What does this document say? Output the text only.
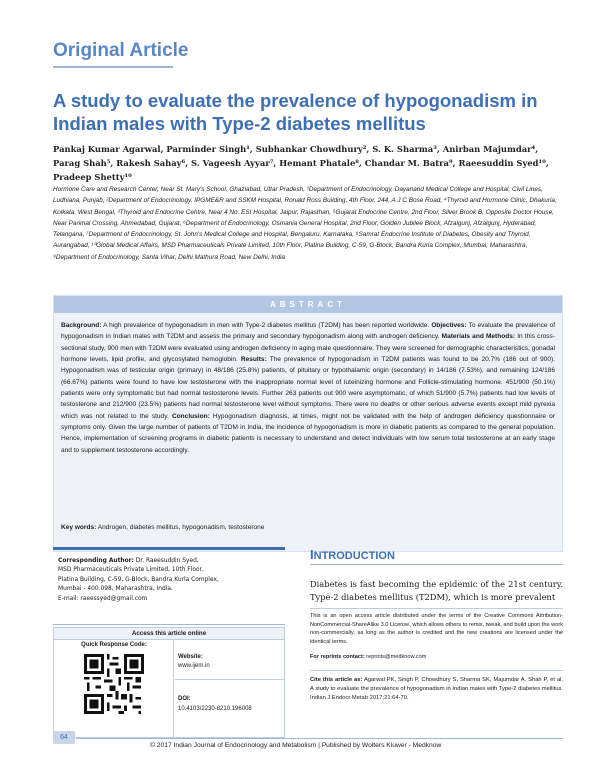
Original Article
A study to evaluate the prevalence of hypogonadism in Indian males with Type-2 diabetes mellitus
Pankaj Kumar Agarwal, Parminder Singh¹, Subhankar Chowdhury², S. K. Sharma³, Anirban Majumdar⁴, Parag Shah⁵, Rakesh Sahay⁶, S. Vageesh Ayyar⁷, Hemant Phatale⁸, Chandar M. Batra⁹, Raeesuddin Syed¹⁰, Pradeep Shetty¹⁰
Hormone Care and Research Center, Near St. Mary's School, Ghaziabad, Uttar Pradesh, ¹Department of Endocrinology, Dayanand Medical College and Hospital, Civil Lines, Ludhiana, Punjab, ²Department of Endocrinology, IPGME&R and SSKM Hospital, Ronald Ross Building, 4th Floor, 244, A J C Bose Road, ⁴Thyroid and Hormone Clinic, Dhakuria, Kolkata, West Bengal, ³Thyroid and Endocrine Centre, Near 4 No. ESI Hospital, Jaipur, Rajasthan, ⁵Gujarat Endocrine Centre, 2nd Floor, Silver Brook B, Opposite Doctor House, Near Parimal Crossing, Ahmedabad, Gujarat, ⁶Department of Endocrinology, Osmania General Hospital, 2nd Floor, Golden Jubilee Block, Afzalgunj, Afzalgunj, Hyderabad, Telangana, ⁷Department of Endocrinology, St. John's Medical College and Hospital, Bengaluru, Karnataka, ⁸Samrat Endocrine Institute of Diabetes, Obesity and Thyroid, Aurangabad, ¹⁰Global Medical Affairs, MSD Pharmaceuticals Private Limited, 10th Floor, Platina Building, C-59, G-Block, Bandra Kurla Complex, Mumbai, Maharashtra, ⁹Department of Endocrinology, Santa Vihar, Delhi Mathura Road, New Delhi, India
ABSTRACT

Background: A high prevalence of hypogonadism in men with Type-2 diabetes mellitus (T2DM) has been reported worldwide. Objectives: To evaluate the prevalence of hypogonadism in Indian males with T2DM and assess the primary and secondary hypogonadism along with androgen deficiency. Materials and Methods: In this cross-sectional study, 900 men with T2DM were evaluated using androgen deficiency in aging male questionnaire. They were screened for demographic characteristics, gonadal hormone levels, lipid profile, and glycosylated hemoglobin. Results: The prevalence of hypogonadism in T2DM patients was found to be 20.7% (186 out of 900). Hypogonadism was of testicular origin (primary) in 48/186 (25.8%) patients, of pituitary or hypothalamic origin (secondary) in 14/186 (7.53%), and remaining 124/186 (66.67%) patients were found to have low testosterone with the inappropriate normal level of luteinizing hormone and Follicle-stimulating hormone. 451/900 (50.1%) patients were only symptomatic but had normal testosterone levels. Further 263 patients out 900 were asymptomatic, of which 51/900 (5.7%) patients had low levels of testosterone and 212/900 (23.5%) patients had normal testosterone level without symptoms. There were no deaths or other serious adverse events except mild pyrexia which was not related to the study. Conclusion: Hypogonadism diagnosis, at times, might not be validated with the help of androgen deficiency questionnaire or symptoms only. Given the large number of patients of T2DM in India, the incidence of hypogonadism is more in diabetic patients as compared to the general population. Hence, implementation of screening programs in diabetic patients is necessary to understand and detect individuals with low serum total testosterone at an early stage and to supplement testosterone accordingly.

Key words: Androgen, diabetes mellitus, hypogonadism, testosterone

Corresponding Author: Dr. Raeesuddin Syed,
MSD Pharmaceuticals Private Limited, 10th Floor,
Platina Building, C-59, G-Block, Bandra Kurla Complex,
Mumbai - 400 098, Maharashtra, India.
E-mail: raeessyed@gmail.com
Access this article online
Quick Response Code:
Website:
www.ijem.in
DOI:
10.4103/2230-8210.196008
INTRODUCTION

Diabetes is fast becoming the epidemic of the 21st century. Type-2 diabetes mellitus (T2DM), which is more prevalent

This is an open access article distributed under the terms of the Creative Commons Attribution-NonCommercial-ShareAlike 3.0 License, which allows others to remix, tweak, and build upon the work non-commercially, as long as the author is credited and the new creations are licensed under the identical terms.

For reprints contact: reprints@medknow.com

Cite this article as: Agarwal PK, Singh P, Chowdhury S, Sharma SK, Majumdar A, Shah P, et al. A study to evaluate the prevalence of hypogonadism in Indian males with Type-2 diabetes mellitus. Indian J Endocr Metab 2017;21:64-70.

64
© 2017 Indian Journal of Endocrinology and Metabolism | Published by Wolters Kluwer - Medknow
